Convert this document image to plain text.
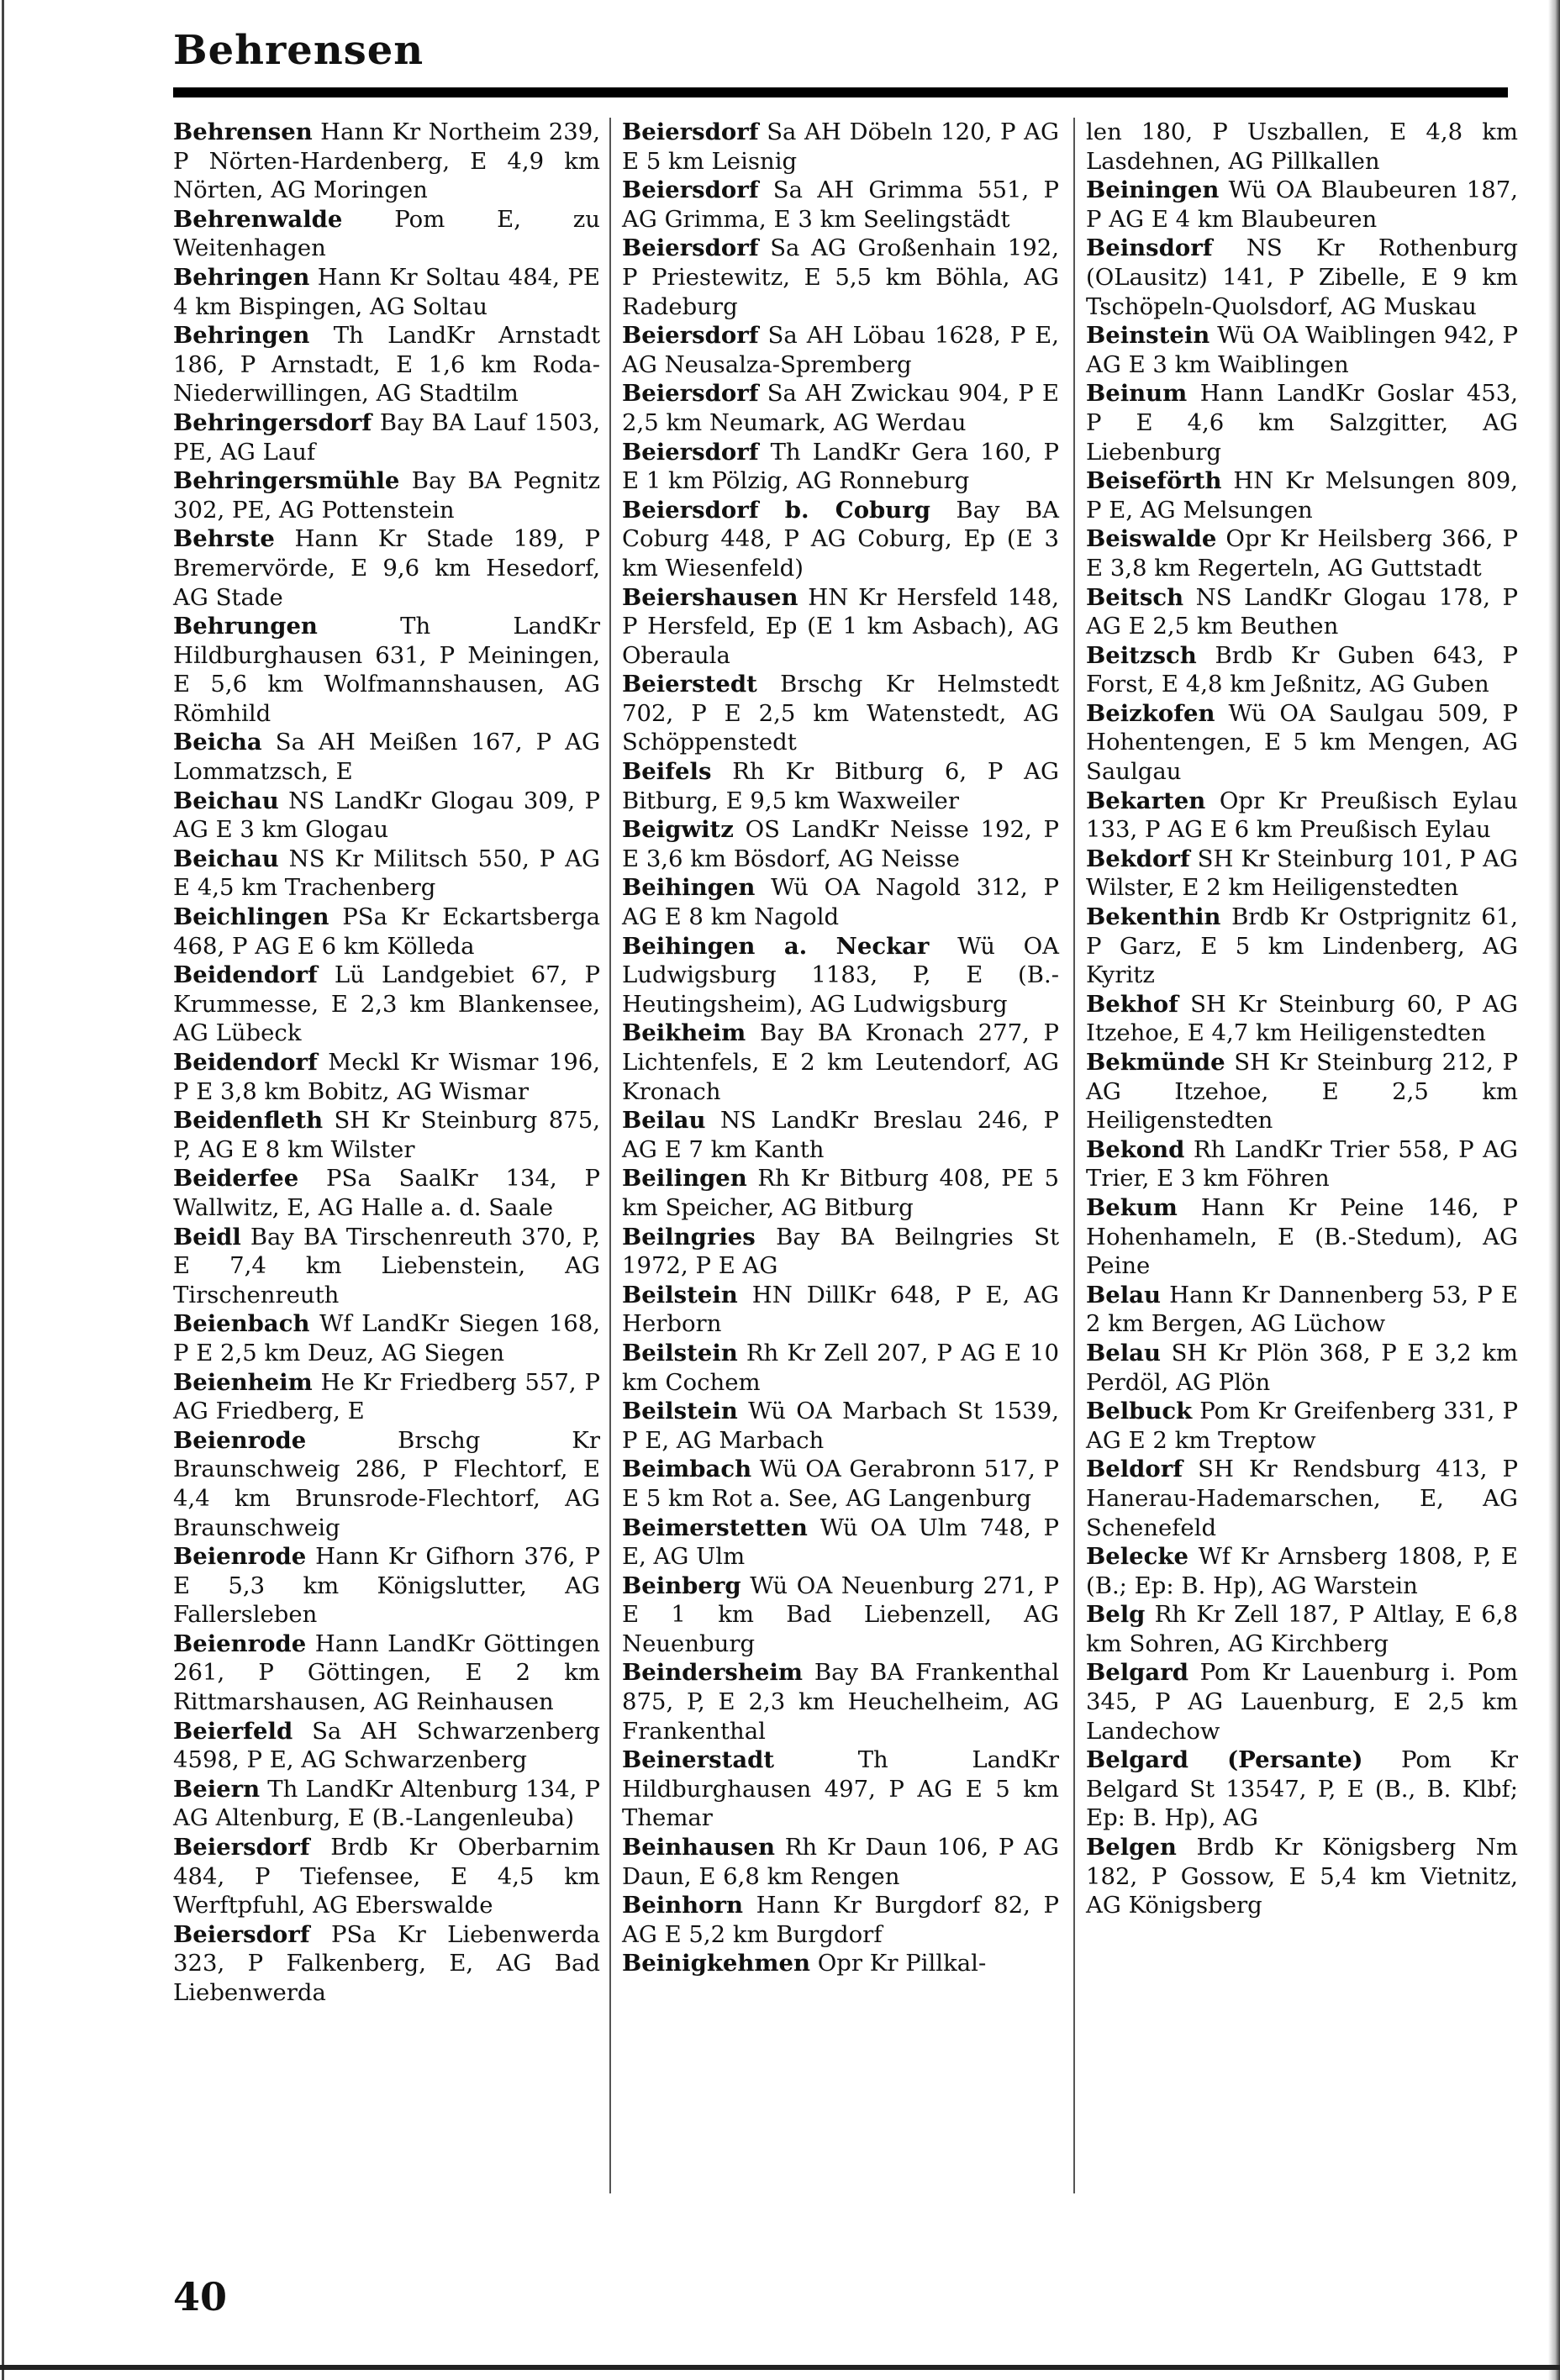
Behrensen

Behrensen Hann Kr Northeim 239, P Nörten-Hardenberg, E 4,9 km Nörten, AG Moringen

Behrenwalde Pom E, zu Weitenhagen

Behringen Hann Kr Soltau 484, PE 4 km Bispingen, AG Soltau

Behringen Th LandKr Arnstadt 186, P Arnstadt, E 1,6 km Roda-Niederwillingen, AG Stadtilm

Behringersdorf Bay BA Lauf 1503, PE, AG Lauf

Behringersmühle Bay BA Pegnitz 302, PE, AG Pottenstein

Behrste Hann Kr Stade 189, P Bremervörde, E 9,6 km Hesedorf, AG Stade

Behrungen	Th LandKr Hildburghausen 631, P Meiningen, E 5,6 km Wolfmannshausen, AG Römhild

Beicha Sa AH Meißen 167, P AG Lommatzsch, E

Beichau NS LandKr Glogau 309, P AG E 3 km Glogau

Beichau NS Kr Militsch 550, P AG E 4,5 km Trachenberg

Beichlingen PSa Kr Eckartsberga 468, P AG E 6 km Kölleda

Beidendorf Lü Landgebiet 67, P Krummesse, E 2,3 km Blankensee, AG Lübeck

Beidendorf Meckl Kr Wismar 196, P E 3,8 km Bobitz, AG Wismar

Beidenfleth SH Kr Steinburg 875, P, AG E 8 km Wilster

Beiderfee PSa SaalKr 134, P Wallwitz, E, AG Halle a. d. Saale

Beidl Bay BA Tirschenreuth 370, P, E 7,4 km Liebenstein, AG Tirschenreuth

Beienbach Wf LandKr Siegen 168, P E 2,5 km Deuz, AG Siegen

Beienheim He Kr Friedberg 557, P AG Friedberg, E

Beienrode	Brschg Kr Braunschweig 286, P Flechtorf, E 4,4 km Brunsrode-Flechtorf, AG Braunschweig

Beienrode Hann Kr Gifhorn 376, P E 5,3 km Königslutter, AG Fallersleben

Beienrode Hann LandKr Göttingen 261, P Göttingen, E 2 km Rittmarshausen, AG Reinhausen

Beierfeld Sa AH Schwarzenberg 4598, P E, AG Schwarzenberg

Beiern Th LandKr Altenburg 134, P AG Altenburg, E (B.-Langenleuba)

Beiersdorf Brdb Kr Oberbarnim 484, P Tiefensee, E 4,5 km Werftpfuhl, AG Eberswalde

Beiersdorf PSa Kr Liebenwerda 323, P Falkenberg, E, AG Bad Liebenwerda

Beiersdorf Sa AH Döbeln 120, P AG E 5 km Leisnig

Beiersdorf Sa AH Grimma 551, P AG Grimma, E 3 km Seelingstädt

Beiersdorf Sa AG Großenhain 192, P Priestewitz, E 5,5 km Böhla, AG Radeburg

Beiersdorf Sa AH Löbau 1628, P E, AG Neusalza-Spremberg

Beiersdorf Sa AH Zwickau 904, P E 2,5 km Neumark, AG Werdau

Beiersdorf Th LandKr Gera 160, P E 1 km Pölzig, AG Ronneburg

Beiersdorf b. Coburg Bay BA Coburg 448, P AG Coburg, Ep (E 3 km Wiesenfeld)

Beiershausen HN Kr Hersfeld 148, P Hersfeld, Ep (E 1 km Asbach), AG Oberaula

Beierstedt Brschg Kr Helmstedt 702, P E 2,5 km Watenstedt, AG Schöppenstedt

Beifels Rh Kr Bitburg 6, P AG Bitburg, E 9,5 km Waxweiler

Beigwitz OS LandKr Neisse 192, P E 3,6 km Bösdorf, AG Neisse

Beihingen Wü OA Nagold 312, P AG E 8 km Nagold

Beihingen a. Neckar Wü OA Ludwigsburg 1183, P, E (B.-Heutingsheim), AG Ludwigsburg

Beikheim Bay BA Kronach 277, P Lichtenfels, E 2 km Leutendorf, AG Kronach

Beilau NS LandKr Breslau 246, P AG E 7 km Kanth

Beilingen Rh Kr Bitburg 408, PE 5 km Speicher, AG Bitburg

Beilngries Bay BA Beilngries St 1972, P E AG

Beilstein HN DillKr 648, P E, AG Herborn

Beilstein Rh Kr Zell 207, P AG E 10 km Cochem

Beilstein Wü OA Marbach St 1539, P E, AG Marbach

Beimbach Wü OA Gerabronn 517, P E 5 km Rot a. See, AG Langenburg

Beimerstetten Wü OA Ulm 748, P E, AG Ulm

Beinberg Wü OA Neuenburg 271, P E 1 km Bad Liebenzell, AG Neuenburg

Beindersheim Bay BA Frankenthal 875, P, E 2,3 km Heuchelheim, AG Frankenthal

Beinerstadt	Th LandKr Hildburghausen 497, P AG E 5 km Themar

Beinhausen Rh Kr Daun 106, P AG Daun, E 6,8 km Rengen

Beinhorn Hann Kr Burgdorf 82, P AG E 5,2 km Burgdorf

Beinigkehmen Opr Kr Pillkal-

len 180, P Uszballen, E 4,8 km Lasdehnen, AG Pillkallen

Beiningen Wü OA Blaubeuren 187, P AG E 4 km Blaubeuren

Beinsdorf NS Kr Rothenburg (OLausitz) 141, P Zibelle, E 9 km Tschöpeln-Quolsdorf, AG Muskau

Beinstein Wü OA Waiblingen 942, P AG E 3 km Waiblingen

Beinum Hann LandKr Goslar 453, P E 4,6 km Salzgitter, AG Liebenburg

Beiseförth HN Kr Melsungen 809, P E, AG Melsungen

Beiswalde Opr Kr Heilsberg 366, P E 3,8 km Regerteln, AG Guttstadt

Beitsch NS LandKr Glogau 178, P AG E 2,5 km Beuthen

Beitzsch Brdb Kr Guben 643, P Forst, E 4,8 km Jeßnitz, AG Guben

Beizkofen Wü OA Saulgau 509, P Hohentengen, E 5 km Mengen, AG Saulgau

Bekarten Opr Kr Preußisch Eylau 133, P AG E 6 km Preußisch Eylau

Bekdorf SH Kr Steinburg 101, P AG Wilster, E 2 km Heiligenstedten

Bekenthin Brdb Kr Ostprignitz 61, P Garz, E 5 km Lindenberg, AG Kyritz

Bekhof SH Kr Steinburg 60, P AG Itzehoe, E 4,7 km Heiligenstedten

Bekmünde SH Kr Steinburg 212, P AG Itzehoe, E 2,5 km Heiligenstedten

Bekond Rh LandKr Trier 558, P AG Trier, E 3 km Föhren

Bekum Hann Kr Peine 146, P Hohenhameln, E (B.-Stedum), AG Peine

Belau Hann Kr Dannenberg 53, P E 2 km Bergen, AG Lüchow

Belau SH Kr Plön 368, P E 3,2 km Perdöl, AG Plön

Belbuck Pom Kr Greifenberg 331, P AG E 2 km Treptow

Beldorf SH Kr Rendsburg 413, P Hanerau-Hademarschen, E, AG Schenefeld

Belecke Wf Kr Arnsberg 1808, P, E (B.; Ep: B. Hp), AG Warstein

Belg Rh Kr Zell 187, P Altlay, E 6,8 km Sohren, AG Kirchberg

Belgard Pom Kr Lauenburg i. Pom 345, P AG Lauenburg, E 2,5 km Landechow

Belgard (Persante) Pom Kr Belgard St 13547, P, E (B., B. Klbf; Ep: B. Hp), AG

Belgen Brdb Kr Königsberg Nm 182, P Gossow, E 5,4 km Vietnitz, AG Königsberg

40
